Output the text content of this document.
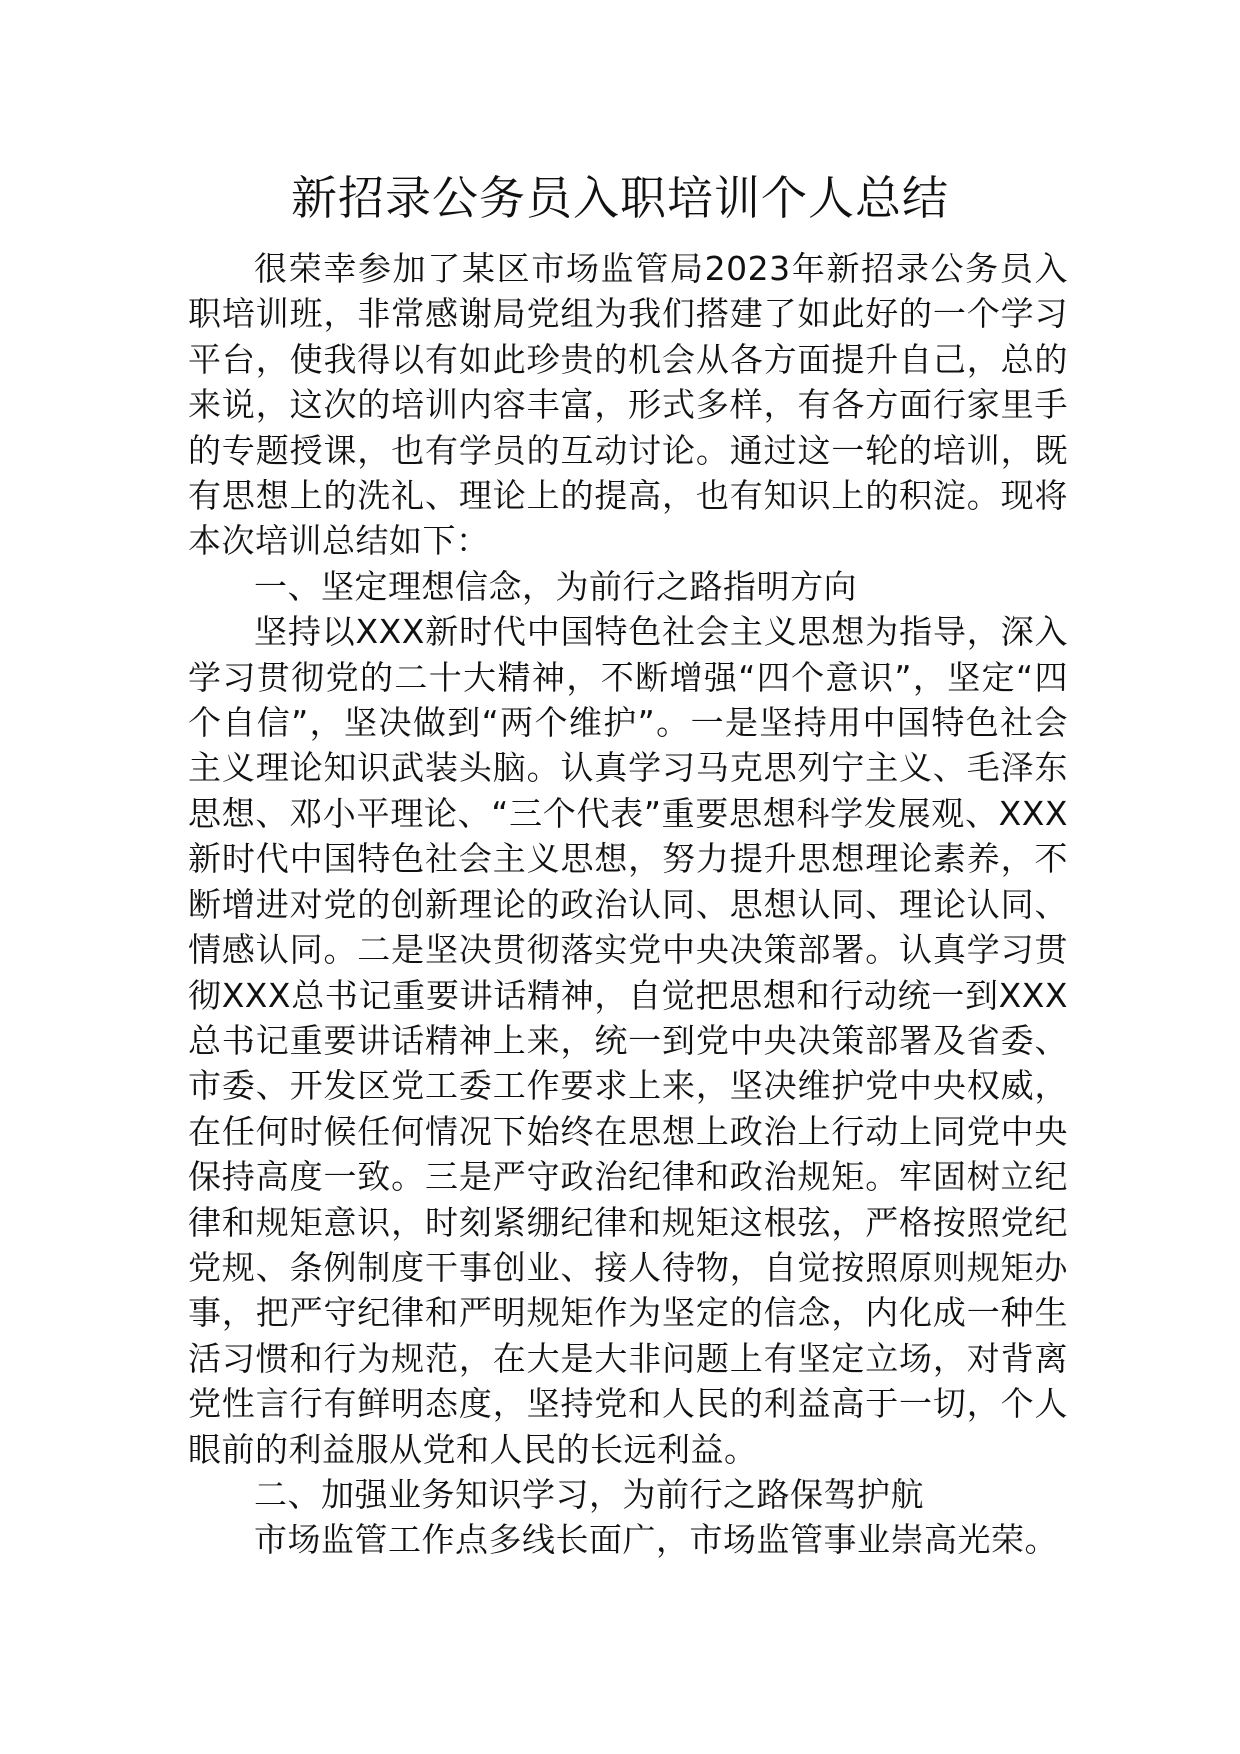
新招录公务员入职培训个人总结

很荣幸参加了某区市场监管局2023年新招录公务员入职培训班，非常感谢局党组为我们搭建了如此好的一个学习平台，使我得以有如此珍贵的机会从各方面提升自己，总的来说，这次的培训内容丰富，形式多样，有各方面行家里手的专题授课，也有学员的互动讨论。通过这一轮的培训，既有思想上的洗礼、理论上的提高，也有知识上的积淀。现将本次培训总结如下：

一、坚定理想信念，为前行之路指明方向

坚持以XXX新时代中国特色社会主义思想为指导，深入学习贯彻党的二十大精神，不断增强“四个意识”，坚定“四个自信”，坚决做到“两个维护”。一是坚持用中国特色社会主义理论知识武装头脑。认真学习马克思列宁主义、毛泽东思想、邓小平理论、“三个代表”重要思想科学发展观、XXX新时代中国特色社会主义思想，努力提升思想理论素养，不断增进对党的创新理论的政治认同、思想认同、理论认同、情感认同。二是坚决贯彻落实党中央决策部署。认真学习贯彻XXX总书记重要讲话精神，自觉把思想和行动统一到XXX总书记重要讲话精神上来，统一到党中央决策部署及省委、市委、开发区党工委工作要求上来，坚决维护党中央权威，在任何时候任何情况下始终在思想上政治上行动上同党中央保持高度一致。三是严守政治纪律和政治规矩。牢固树立纪律和规矩意识，时刻紧绷纪律和规矩这根弦，严格按照党纪党规、条例制度干事创业、接人待物，自觉按照原则规矩办事，把严守纪律和严明规矩作为坚定的信念，内化成一种生活习惯和行为规范，在大是大非问题上有坚定立场，对背离党性言行有鲜明态度，坚持党和人民的利益高于一切，个人眼前的利益服从党和人民的长远利益。

二、加强业务知识学习，为前行之路保驾护航

市场监管工作点多线长面广，市场监管事业崇高光荣。
